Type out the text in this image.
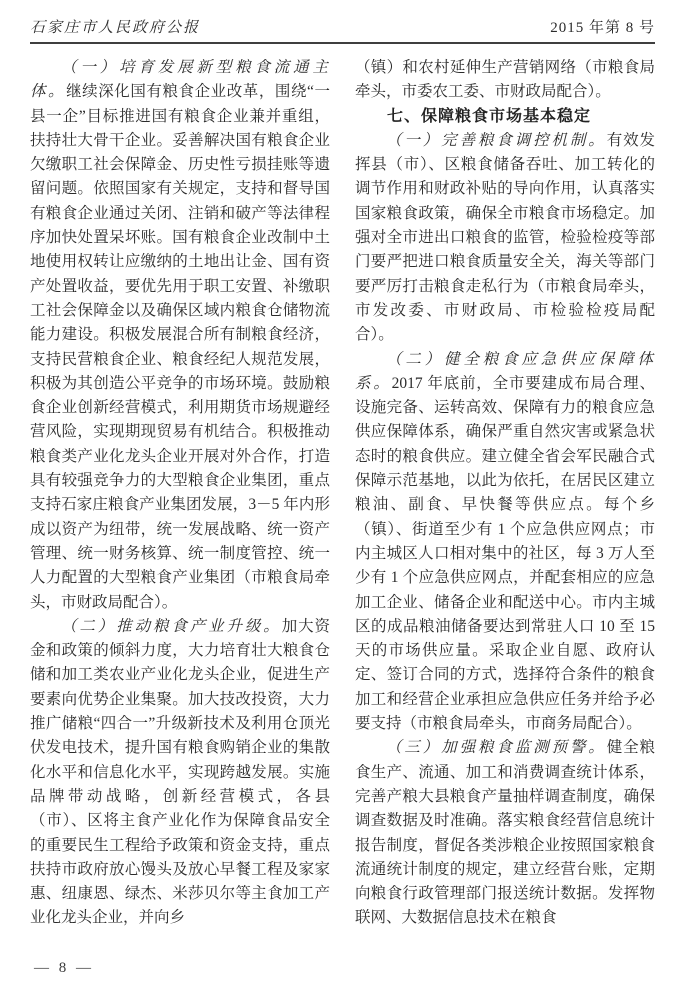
石家庄市人民政府公报	2015 年第 8 号

（一）培育发展新型粮食流通主体。继续深化国有粮食企业改革，围绕“一县一企”目标推进国有粮食企业兼并重组，扶持壮大骨干企业。妥善解决国有粮食企业欠缴职工社会保障金、历史性亏损挂账等遗留问题。依照国家有关规定，支持和督导国有粮食企业通过关闭、注销和破产等法律程序加快处置呆坏账。国有粮食企业改制中土地使用权转让应缴纳的土地出让金、国有资产处置收益，要优先用于职工安置、补缴职工社会保障金以及确保区域内粮食仓储物流能力建设。积极发展混合所有制粮食经济，支持民营粮食企业、粮食经纪人规范发展，积极为其创造公平竞争的市场环境。鼓励粮食企业创新经营模式，利用期货市场规避经营风险，实现期现贸易有机结合。积极推动粮食类产业化龙头企业开展对外合作，打造具有较强竞争力的大型粮食企业集团，重点支持石家庄粮食产业集团发展，3－5 年内形成以资产为纽带，统一发展战略、统一资产管理、统一财务核算、统一制度管控、统一人力配置的大型粮食产业集团（市粮食局牵头，市财政局配合）。

（二）推动粮食产业升级。加大资金和政策的倾斜力度，大力培育壮大粮食仓储和加工类农业产业化龙头企业，促进生产要素向优势企业集聚。加大技改投资，大力推广储粮“四合一”升级新技术及利用仓顶光伏发电技术，提升国有粮食购销企业的集散化水平和信息化水平，实现跨越发展。实施品牌带动战略，创新经营模式，各县（市）、区将主食产业化作为保障食品安全的重要民生工程给予政策和资金支持，重点扶持市政府放心馒头及放心早餐工程及家家惠、纽康恩、绿杰、米莎贝尔等主食加工产业化龙头企业，并向乡

（镇）和农村延伸生产营销网络（市粮食局牵头，市委农工委、市财政局配合）。

七、保障粮食市场基本稳定

（一）完善粮食调控机制。有效发挥县（市）、区粮食储备吞吐、加工转化的调节作用和财政补贴的导向作用，认真落实国家粮食政策，确保全市粮食市场稳定。加强对全市进出口粮食的监管，检验检疫等部门要严把进口粮食质量安全关，海关等部门要严厉打击粮食走私行为（市粮食局牵头，市发改委、市财政局、市检验检疫局配合）。

（二）健全粮食应急供应保障体系。2017 年底前，全市要建成布局合理、设施完备、运转高效、保障有力的粮食应急供应保障体系，确保严重自然灾害或紧急状态时的粮食供应。建立健全省会军民融合式保障示范基地，以此为依托，在居民区建立粮油、副食、早快餐等供应点。每个乡（镇）、街道至少有 1 个应急供应网点；市内主城区人口相对集中的社区，每 3 万人至少有 1 个应急供应网点，并配套相应的应急加工企业、储备企业和配送中心。市内主城区的成品粮油储备要达到常驻人口 10 至 15 天的市场供应量。采取企业自愿、政府认定、签订合同的方式，选择符合条件的粮食加工和经营企业承担应急供应任务并给予必要支持（市粮食局牵头，市商务局配合）。

（三）加强粮食监测预警。健全粮食生产、流通、加工和消费调查统计体系，完善产粮大县粮食产量抽样调查制度，确保调查数据及时准确。落实粮食经营信息统计报告制度，督促各类涉粮企业按照国家粮食流通统计制度的规定，建立经营台账，定期向粮食行政管理部门报送统计数据。发挥物联网、大数据信息技术在粮食

— 8 —
